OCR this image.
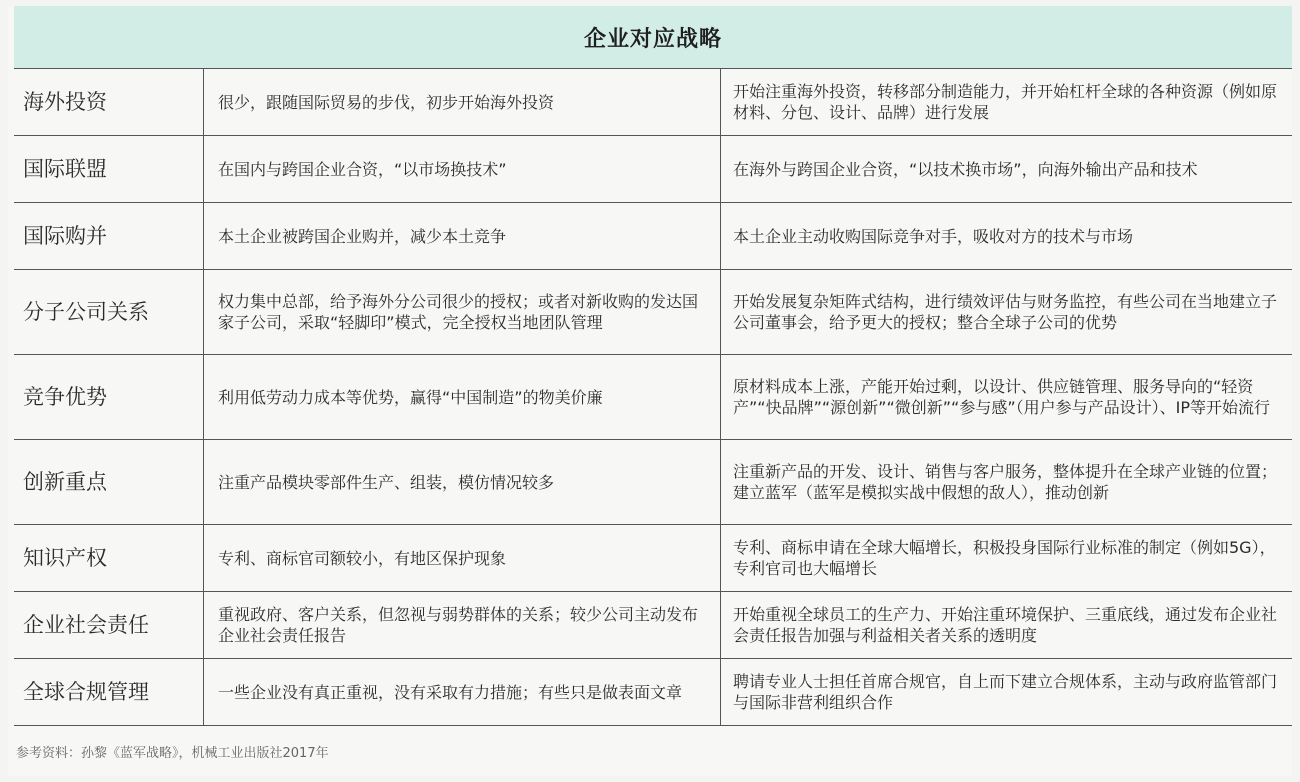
企业对应战略
海外投资	很少，跟随国际贸易的步伐，初步开始海外投资	开始注重海外投资，转移部分制造能力，并开始杠杆全球的各种资源（例如原材料、分包、设计、品牌）进行发展
国际联盟	在国内与跨国企业合资，“以市场换技术”	在海外与跨国企业合资，“以技术换市场”，向海外输出产品和技术
国际购并	本土企业被跨国企业购并，减少本土竞争	本土企业主动收购国际竞争对手，吸收对方的技术与市场
分子公司关系	权力集中总部，给予海外分公司很少的授权；或者对新收购的发达国家子公司，采取“轻脚印”模式，完全授权当地团队管理	开始发展复杂矩阵式结构，进行绩效评估与财务监控，有些公司在当地建立子公司董事会，给予更大的授权；整合全球子公司的优势
竞争优势	利用低劳动力成本等优势，赢得“中国制造”的物美价廉	原材料成本上涨，产能开始过剩，以设计、供应链管理、服务导向的“轻资产”“快品牌”“源创新”“微创新”“参与感”（用户参与产品设计）、IP等开始流行
创新重点	注重产品模块零部件生产、组装，模仿情况较多	注重新产品的开发、设计、销售与客户服务，整体提升在全球产业链的位置；建立蓝军（蓝军是模拟实战中假想的敌人），推动创新
知识产权	专利、商标官司额较小，有地区保护现象	专利、商标申请在全球大幅增长，积极投身国际行业标准的制定（例如5G），专利官司也大幅增长
企业社会责任	重视政府、客户关系，但忽视与弱势群体的关系；较少公司主动发布企业社会责任报告	开始重视全球员工的生产力、开始注重环境保护、三重底线，通过发布企业社会责任报告加强与利益相关者关系的透明度
全球合规管理	一些企业没有真正重视，没有采取有力措施；有些只是做表面文章	聘请专业人士担任首席合规官，自上而下建立合规体系，主动与政府监管部门与国际非营利组织合作
参考资料：孙黎《蓝军战略》，机械工业出版社2017年
